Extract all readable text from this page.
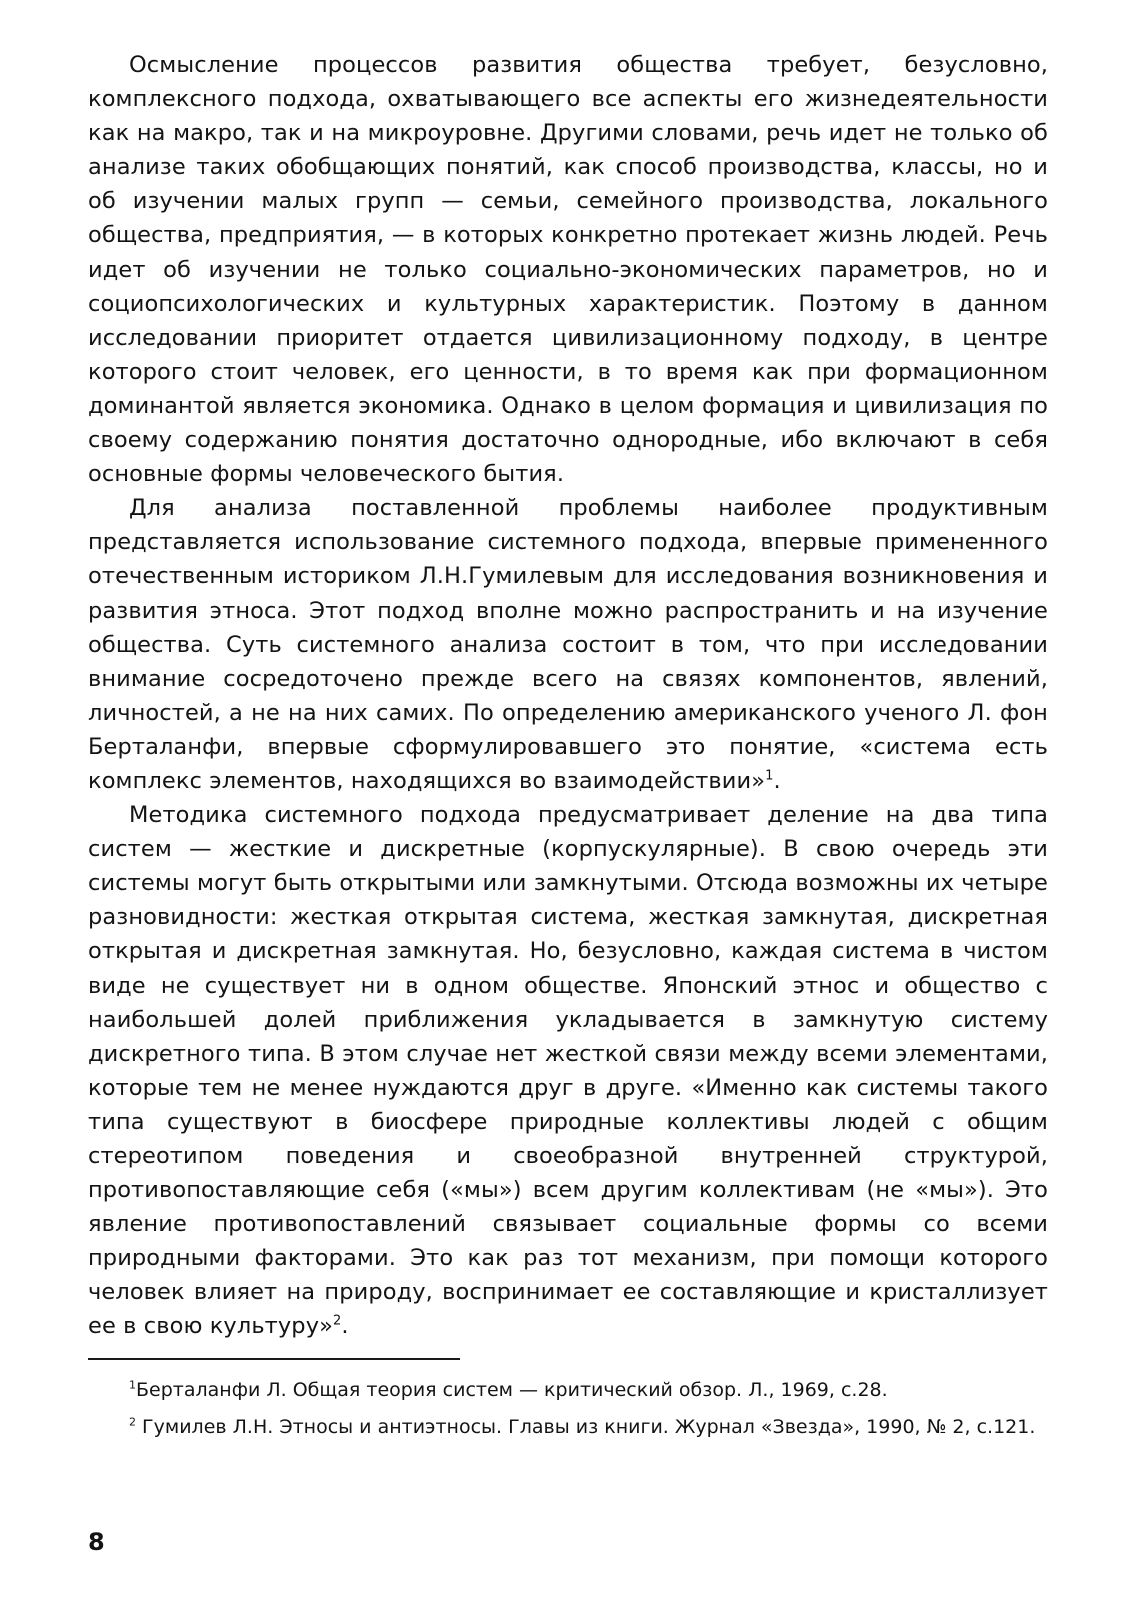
Осмысление процессов развития общества требует, безусловно, комплексного подхода, охватывающего все аспекты его жизнедеятельности как на макро, так и на микроуровне. Другими словами, речь идет не только об анализе таких обобщающих понятий, как способ производства, классы, но и об изучении малых групп — семьи, семейного производства, локального общества, предприятия, — в которых конкретно протекает жизнь людей. Речь идет об изучении не только социально-экономических параметров, но и социопсихологических и культурных характеристик. Поэтому в данном исследовании приоритет отдается цивилизационному подходу, в центре которого стоит человек, его ценности, в то время как при формационном доминантой является экономика. Однако в целом формация и цивилизация по своему содержанию понятия достаточно однородные, ибо включают в себя основные формы человеческого бытия.

Для анализа поставленной проблемы наиболее продуктивным представляется использование системного подхода, впервые примененного отечественным историком Л.Н.Гумилевым для исследования возникновения и развития этноса. Этот подход вполне можно распространить и на изучение общества. Суть системного анализа состоит в том, что при исследовании внимание сосредоточено прежде всего на связях компонентов, явлений, личностей, а не на них самих. По определению американского ученого Л. фон Берталанфи, впервые сформулировавшего это понятие, «система есть комплекс элементов, находящихся во взаимодействии»$^1$.

Методика системного подхода предусматривает деление на два типа систем — жесткие и дискретные (корпускулярные). В свою очередь эти системы могут быть открытыми или замкнутыми. Отсюда возможны их четыре разновидности: жесткая открытая система, жесткая замкнутая, дискретная открытая и дискретная замкнутая. Но, безусловно, каждая система в чистом виде не существует ни в одном обществе. Японский этнос и общество с наибольшей долей приближения укладывается в замкнутую систему дискретного типа. В этом случае нет жесткой связи между всеми элементами, которые тем не менее нуждаются друг в друге. «Именно как системы такого типа существуют в биосфере природные коллективы людей с общим стереотипом поведения и своеобразной внутренней структурой, противопоставляющие себя («мы») всем другим коллективам (не «мы»). Это явление противопоставлений связывает социальные формы со всеми природными факторами. Это как раз тот механизм, при помощи которого человек влияет на природу, воспринимает ее составляющие и кристаллизует ее в свою культуру»$^2$.

$^1$Берталанфи Л. Общая теория систем — критический обзор. Л., 1969, с.28.

$^2$ Гумилев Л.Н. Этносы и антиэтносы. Главы из книги. Журнал «Звезда», 1990, № 2, с.121.

8
